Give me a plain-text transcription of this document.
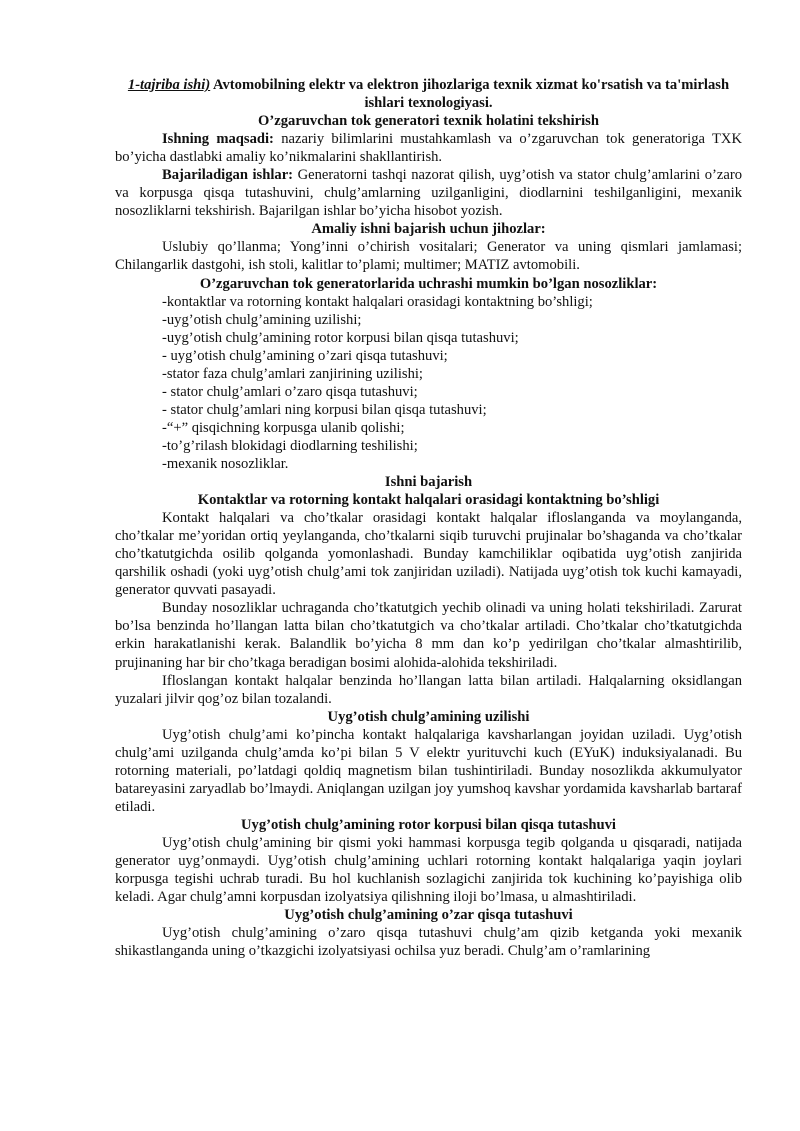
1-tajriba ishi) Avtomobilning elektr va elektron jihozlariga texnik xizmat ko'rsatish va ta'mirlash ishlari texnologiyasi.
O’zgaruvchan tok generatori texnik holatini tekshirish

Ishning maqsadi: nazariy bilimlarini mustahkamlash va o’zgaruvchan tok generatoriga TXK bo’yicha dastlabki amaliy ko’nikmalarini shakllantirish.

Bajariladigan ishlar: Generatorni tashqi nazorat qilish, uyg’otish va stator chulg’amlarini o’zaro va korpusga qisqa tutashuvini, chulg’amlarning uzilganligini, diodlarnini teshilganligini, mexanik nosozliklarni tekshirish. Bajarilgan ishlar bo’yicha hisobot yozish.

Amaliy ishni bajarish uchun jihozlar:

Uslubiy qo’llanma; Yong’inni o’chirish vositalari; Generator va uning qismlari jamlamasi; Chilangarlik dastgohi, ish stoli, kalitlar to’plami; multimer; MATIZ avtomobili.

O’zgaruvchan tok generatorlarida uchrashi mumkin bo’lgan nosozliklar:
-kontaktlar va rotorning kontakt halqalari orasidagi kontaktning bo’shligi;
-uyg’otish chulg’amining uzilishi;
-uyg’otish chulg’amining rotor korpusi bilan qisqa tutashuvi;
- uyg’otish chulg’amining o’zari qisqa tutashuvi;
-stator faza chulg’amlari zanjirining uzilishi;
- stator chulg’amlari o’zaro qisqa tutashuvi;
- stator chulg’amlari ning korpusi bilan qisqa tutashuvi;
-“+” qisqichning korpusga ulanib qolishi;
-to’g’rilash blokidagi diodlarning teshilishi;
-mexanik nosozliklar.
Ishni bajarish
Kontaktlar va rotorning kontakt halqalari orasidagi kontaktning bo’shligi

Kontakt halqalari va cho’tkalar orasidagi kontakt halqalar ifloslanganda va moylanganda, cho’tkalar me’yoridan ortiq yeylanganda, cho’tkalarni siqib turuvchi prujinalar bo’shaganda va cho’tkalar cho’tkatutgichda osilib qolganda yomonlashadi. Bunday kamchiliklar oqibatida uyg’otish zanjirida qarshilik oshadi (yoki uyg’otish chulg’ami tok zanjiridan uziladi). Natijada uyg’otish tok kuchi kamayadi, generator quvvati pasayadi.

Bunday nosozliklar uchraganda cho’tkatutgich yechib olinadi va uning holati tekshiriladi. Zarurat bo’lsa benzinda ho’llangan latta bilan cho’tkatutgich va cho’tkalar artiladi. Cho’tkalar cho’tkatutgichda erkin harakatlanishi kerak. Balandlik bo’yicha 8 mm dan ko’p yedirilgan cho’tkalar almashtirilib, prujinaning har bir cho’tkaga beradigan bosimi alohida-alohida tekshiriladi.

Ifloslangan kontakt halqalar benzinda ho’llangan latta bilan artiladi. Halqalarning oksidlangan yuzalari jilvir qog’oz bilan tozalandi.

Uyg’otish chulg’amining uzilishi

Uyg’otish chulg’ami ko’pincha kontakt halqalariga kavsharlangan joyidan uziladi. Uyg’otish chulg’ami uzilganda chulg’amda ko’pi bilan 5 V elektr yurituvchi kuch (EYuK) induksiyalanadi. Bu rotorning materiali, po’latdagi qoldiq magnetism bilan tushintiriladi. Bunday nosozlikda akkumulyator batareyasini zaryadlab bo’lmaydi. Aniqlangan uzilgan joy yumshoq kavshar yordamida kavsharlab bartaraf etiladi.

Uyg’otish chulg’amining rotor korpusi bilan qisqa tutashuvi

Uyg’otish chulg’amining bir qismi yoki hammasi korpusga tegib qolganda u qisqaradi, natijada generator uyg’onmaydi. Uyg’otish chulg’amining uchlari rotorning kontakt halqalariga yaqin joylari korpusga tegishi uchrab turadi. Bu hol kuchlanish sozlagichi zanjirida tok kuchining ko’payishiga olib keladi. Agar chulg’amni korpusdan izolyatsiya qilishning iloji bo’lmasa, u almashtiriladi.

Uyg’otish chulg’amining o’zar qisqa tutashuvi

Uyg’otish chulg’amining o’zaro qisqa tutashuvi chulg’am qizib ketganda yoki mexanik shikastlanganda uning o’tkazgichi izolyatsiyasi ochilsa yuz beradi. Chulg’am o’ramlarining
